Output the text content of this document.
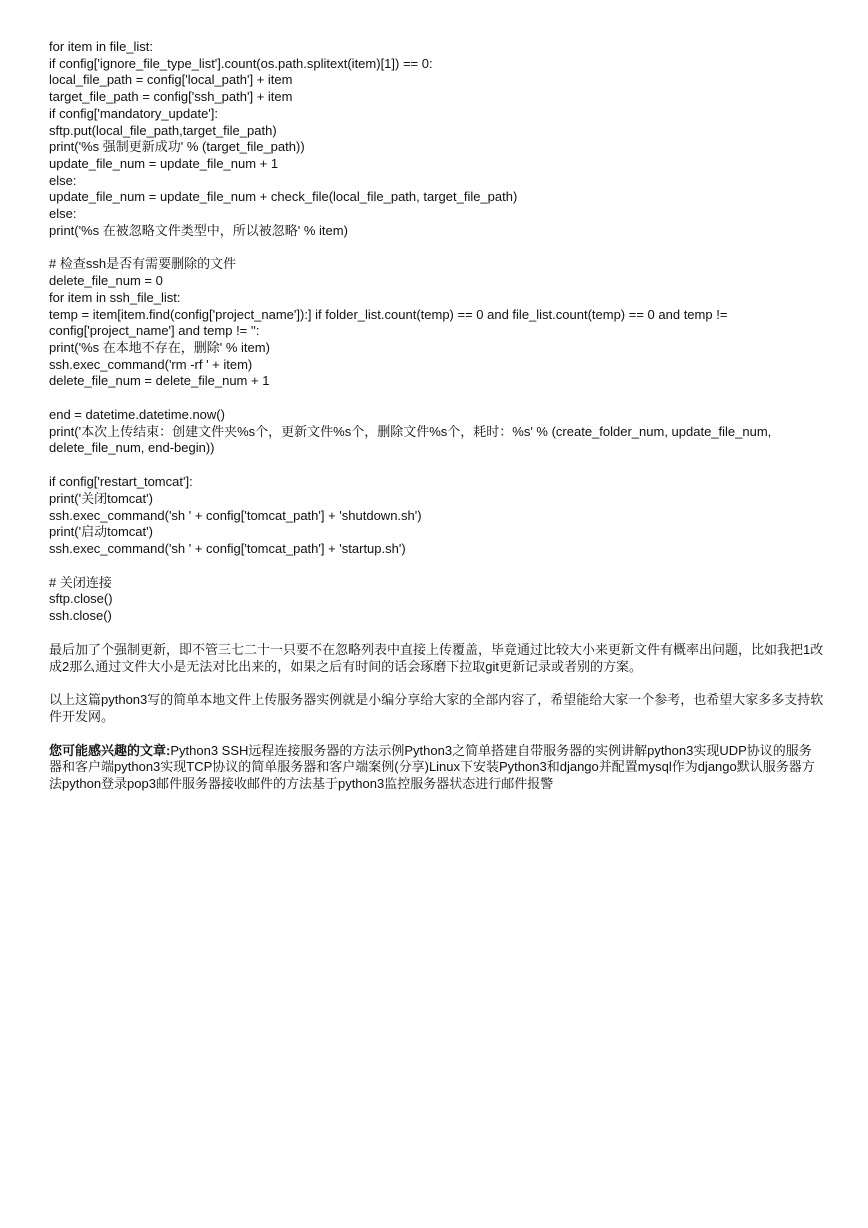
for item in file_list:
if config['ignore_file_type_list'].count(os.path.splitext(item)[1]) == 0:
local_file_path = config['local_path'] + item
target_file_path = config['ssh_path'] + item
if config['mandatory_update']:
sftp.put(local_file_path,target_file_path)
print('%s 强制更新成功' % (target_file_path))
update_file_num = update_file_num + 1
else:
update_file_num = update_file_num + check_file(local_file_path, target_file_path)
else:
print('%s 在被忽略文件类型中，所以被忽略' % item)
# 检查ssh是否有需要删除的文件
delete_file_num = 0
for item in ssh_file_list:
temp = item[item.find(config['project_name']):] if folder_list.count(temp) == 0 and file_list.count(temp) == 0 and temp != config['project_name'] and temp != '':
print('%s 在本地不存在，删除' % item)
ssh.exec_command('rm -rf ' + item)
delete_file_num = delete_file_num + 1
end = datetime.datetime.now()
print('本次上传结束：创建文件夹%s个，更新文件%s个，删除文件%s个，耗时：%s' % (create_folder_num, update_file_num, delete_file_num, end-begin))
if config['restart_tomcat']:
print('关闭tomcat')
ssh.exec_command('sh ' + config['tomcat_path'] + 'shutdown.sh')
print('启动tomcat')
ssh.exec_command('sh ' + config['tomcat_path'] + 'startup.sh')
# 关闭连接
sftp.close()
ssh.close()
最后加了个强制更新，即不管三七二十一只要不在忽略列表中直接上传覆盖，毕竟通过比较大小来更新文件有概率出问题，比如我把1改成2那么通过文件大小是无法对比出来的，如果之后有时间的话会琢磨下拉取git更新记录或者别的方案。
以上这篇python3写的简单本地文件上传服务器实例就是小编分享给大家的全部内容了，希望能给大家一个参考，也希望大家多多支持软件开发网。
您可能感兴趣的文章:Python3 SSH远程连接服务器的方法示例Python3之简单搭建自带服务器的实例讲解python3实现UDP协议的服务器和客户端python3实现TCP协议的简单服务器和客户端案例(分享)Linux下安装Python3和django并配置mysql作为django默认服务器方法python登录pop3邮件服务器接收邮件的方法基于python3监控服务器状态进行邮件报警
